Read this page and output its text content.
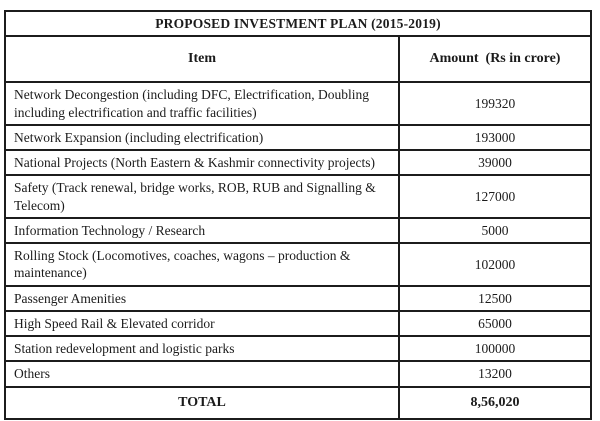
PROPOSED INVESTMENT PLAN (2015-2019)	
Item	Amount  (Rs in crore)
Network Decongestion (including DFC, Electrification, Doubling including electrification and traffic facilities)	199320
Network Expansion (including electrification)	193000
National Projects (North Eastern & Kashmir connectivity projects)	39000
Safety (Track renewal, bridge works, ROB, RUB and Signalling & Telecom)	127000
Information Technology / Research	5000
Rolling Stock (Locomotives, coaches, wagons – production & maintenance)	102000
Passenger Amenities	12500
High Speed Rail & Elevated corridor	65000
Station redevelopment and logistic parks	100000
Others	13200
TOTAL	8,56,020
